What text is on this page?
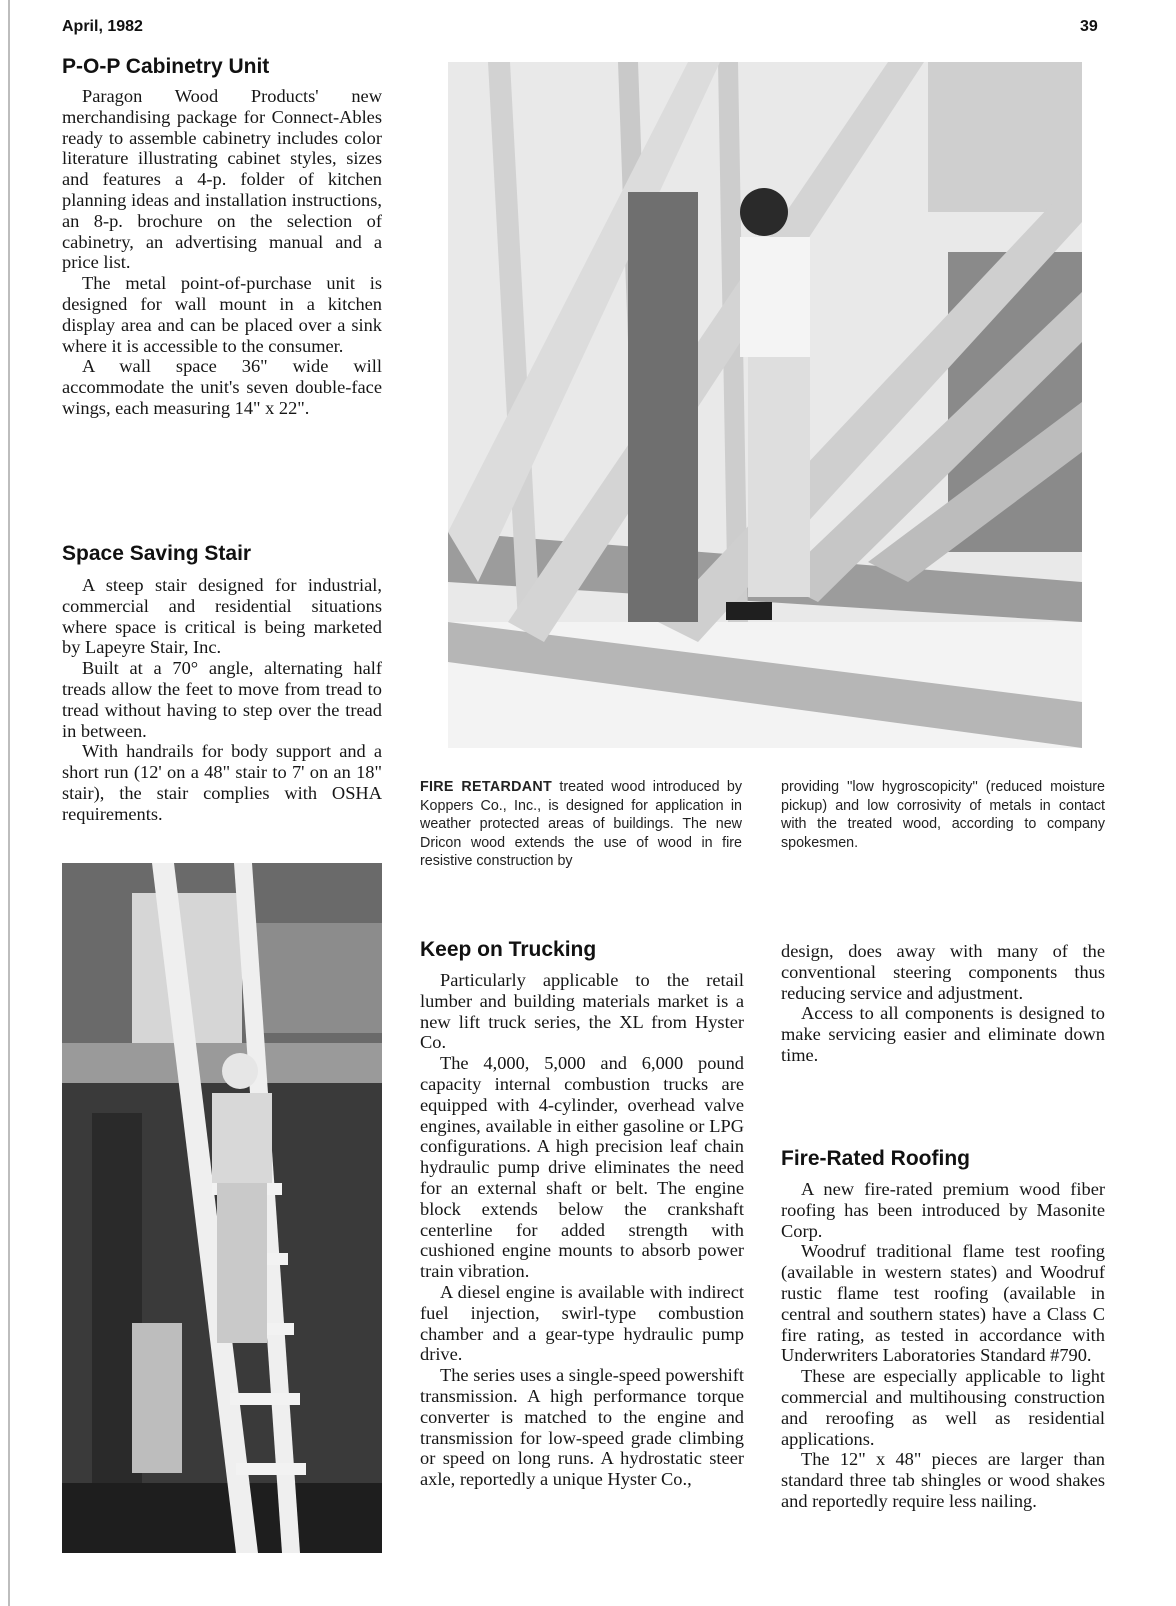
April, 1982	39
P-O-P Cabinetry Unit

Paragon Wood Products' new merchandising package for Connect-Ables ready to assemble cabinetry includes color literature illustrating cabinet styles, sizes and features a 4-p. folder of kitchen planning ideas and installation instructions, an 8-p. brochure on the selection of cabinetry, an advertising manual and a price list.

The metal point-of-purchase unit is designed for wall mount in a kitchen display area and can be placed over a sink where it is accessible to the consumer.

A wall space 36" wide will accommodate the unit's seven double-face wings, each measuring 14" x 22".

Space Saving Stair

A steep stair designed for industrial, commercial and residential situations where space is critical is being marketed by Lapeyre Stair, Inc.

Built at a 70° angle, alternating half treads allow the feet to move from tread to tread without having to step over the tread in between.

With handrails for body support and a short run (12' on a 48" stair to 7' on an 18" stair), the stair complies with OSHA requirements.

FIRE RETARDANT treated wood introduced by Koppers Co., Inc., is designed for application in weather protected areas of buildings. The new Dricon wood extends the use of wood in fire resistive construction by
providing ''low hygroscopicity'' (reduced moisture pickup) and low corrosivity of metals in contact with the treated wood, according to company spokesmen.
Keep on Trucking

Particularly applicable to the retail lumber and building materials market is a new lift truck series, the XL from Hyster Co.

The 4,000, 5,000 and 6,000 pound capacity internal combustion trucks are equipped with 4-cylinder, overhead valve engines, available in either gasoline or LPG configurations. A high precision leaf chain hydraulic pump drive eliminates the need for an external shaft or belt. The engine block extends below the crankshaft centerline for added strength with cushioned engine mounts to absorb power train vibration.

A diesel engine is available with indirect fuel injection, swirl-type combustion chamber and a gear-type hydraulic pump drive.

The series uses a single-speed powershift transmission. A high performance torque converter is matched to the engine and transmission for low-speed grade climbing or speed on long runs. A hydrostatic steer axle, reportedly a unique Hyster Co.,

design, does away with many of the conventional steering components thus reducing service and adjustment.

Access to all components is designed to make servicing easier and eliminate down time.

Fire-Rated Roofing

A new fire-rated premium wood fiber roofing has been introduced by Masonite Corp.

Woodruf traditional flame test roofing (available in western states) and Woodruf rustic flame test roofing (available in central and southern states) have a Class C fire rating, as tested in accordance with Underwriters Laboratories Standard #790.

These are especially applicable to light commercial and multihousing construction and reroofing as well as residential applications.

The 12" x 48" pieces are larger than standard three tab shingles or wood shakes and reportedly require less nailing.
